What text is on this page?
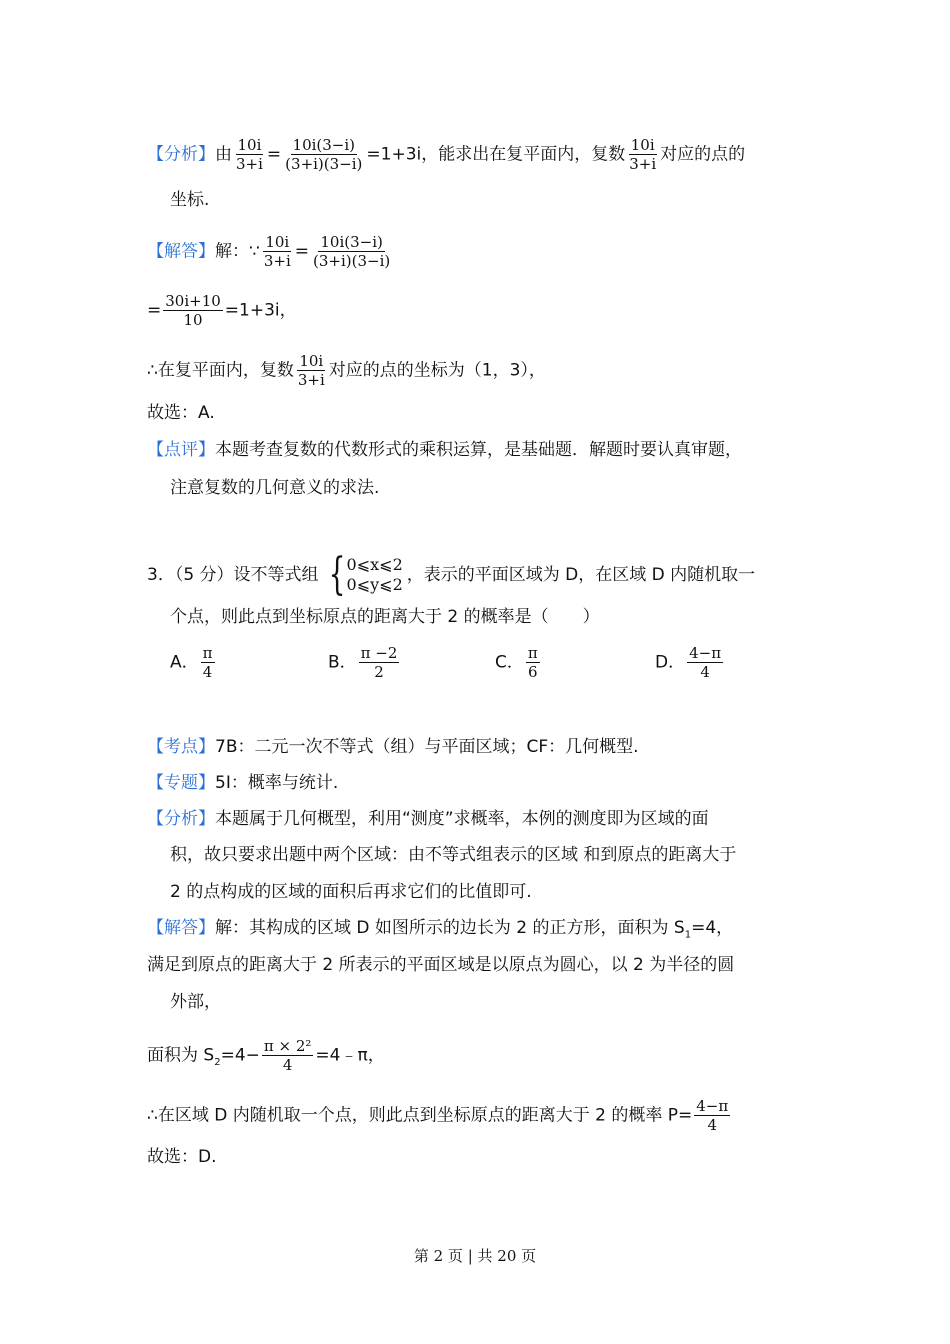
【分析】由 $\frac{10i}{3+i} = \frac{10i(3-i)}{(3+i)(3-i)} =1+3i$，能求出在复平面内，复数 $\frac{10i}{3+i}$ 对应的点的
坐标.
【解答】解：∵ $\frac{10i}{3+i} = \frac{10i(3-i)}{(3+i)(3-i)}$
= $\frac{30i+10}{10} =1+3i$，
∴在复平面内，复数 $\frac{10i}{3+i}$ 对应的点的坐标为（1，3），
故选：A.
【点评】本题考查复数的代数形式的乘积运算，是基础题．解题时要认真审题，
注意复数的几何意义的求法.
3．（5 分）设不等式组 { 0⩽x⩽2
0⩽y⩽2 ，表示的平面区域为 D，在区域 D 内随机取一
个点，则此点到坐标原点的距离大于 2 的概率是（　　）
A． $\frac{\pi}{4}$	B． $\frac{\pi -2}{2}$	C． $\frac{\pi}{6}$	D． $\frac{4-\pi}{4}$
【考点】7B：二元一次不等式（组）与平面区域；CF：几何概型.
【专题】5I：概率与统计.
【分析】本题属于几何概型，利用“测度”求概率，本例的测度即为区域的面
积，故只要求出题中两个区域：由不等式组表示的区域 和到原点的距离大于
2 的点构成的区域的面积后再求它们的比值即可.
【解答】解：其构成的区域 D 如图所示的边长为 2 的正方形，面积为 $S_1=4$，
满足到原点的距离大于 2 所表示的平面区域是以原点为圆心，以 2 为半径的圆
外部，
面积为 $S_2=4- \frac{\text{π × 2²}}{4}$ =4﹣π，
∴在区域 D 内随机取一个点，则此点到坐标原点的距离大于 2 的概率 $P= \frac{4-\pi}{4}$
故选：D.
第 2 页 | 共 20 页
